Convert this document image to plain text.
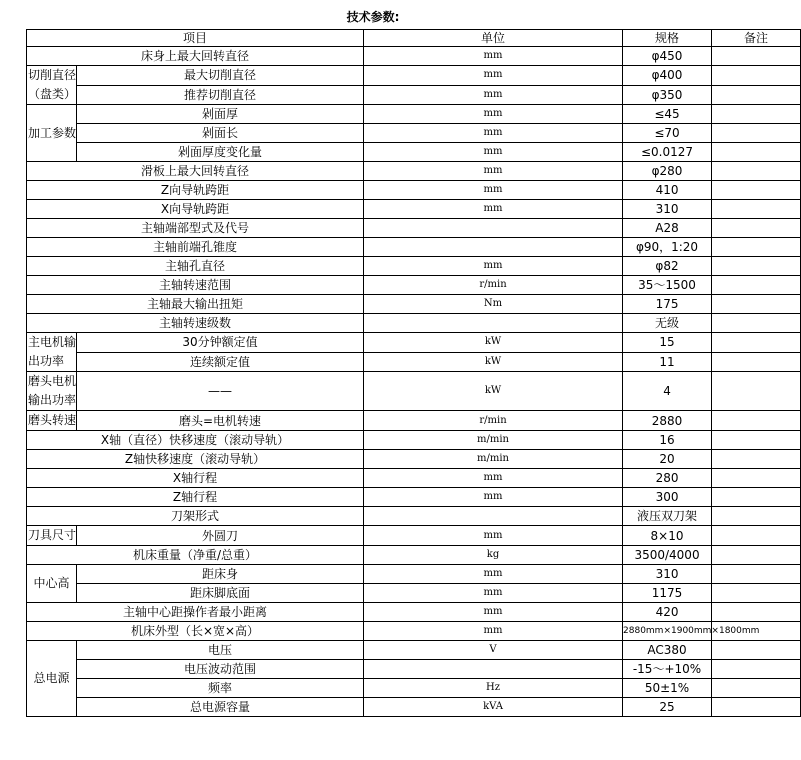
技术参数:
项目		单位	规格	备注
床身上最大回转直径		mm	φ450	
切削直径（盘类）	最大切削直径	mm	φ400	
	推荐切削直径	mm	φ350	
加工参数	剁面厚	mm	≤45	
	剁面长	mm	≤70	
	剁面厚度变化量	mm	≤0.0127	
滑板上最大回转直径		mm	φ280	
Z向导轨跨距		mm	410	
X向导轨跨距		mm	310	
主轴端部型式及代号			A28	
主轴前端孔锥度			φ90，1:20	
主轴孔直径		mm	φ82	
主轴转速范围		r/min	35～1500	
主轴最大输出扭矩		Nm	175	
主轴转速级数			无级	
主电机输出功率	30分钟额定值	kW	15	
	连续额定值	kW	11	
磨头电机输出功率	——	kW	4	
磨头转速	磨头=电机转速	r/min	2880	
X轴（直径）快移速度（滚动导轨）		m/min	16	
Z轴快移速度（滚动导轨）		m/min	20	
X轴行程		mm	280	
Z轴行程		mm	300	
刀架形式			液压双刀架	
刀具尺寸	外圆刀	mm	8×10	
机床重量（净重/总重）		kg	3500/4000	
中心高	距床身	mm	310	
	距床脚底面	mm	1175	
主轴中心距操作者最小距离		mm	420	
机床外型（长×宽×高）		mm	2880mm×1900mm×1800mm	
总电源	电压	V	AC380	
	电压波动范围		-15～+10%	
	频率	Hz	50±1%	
	总电源容量	kVA	25	
